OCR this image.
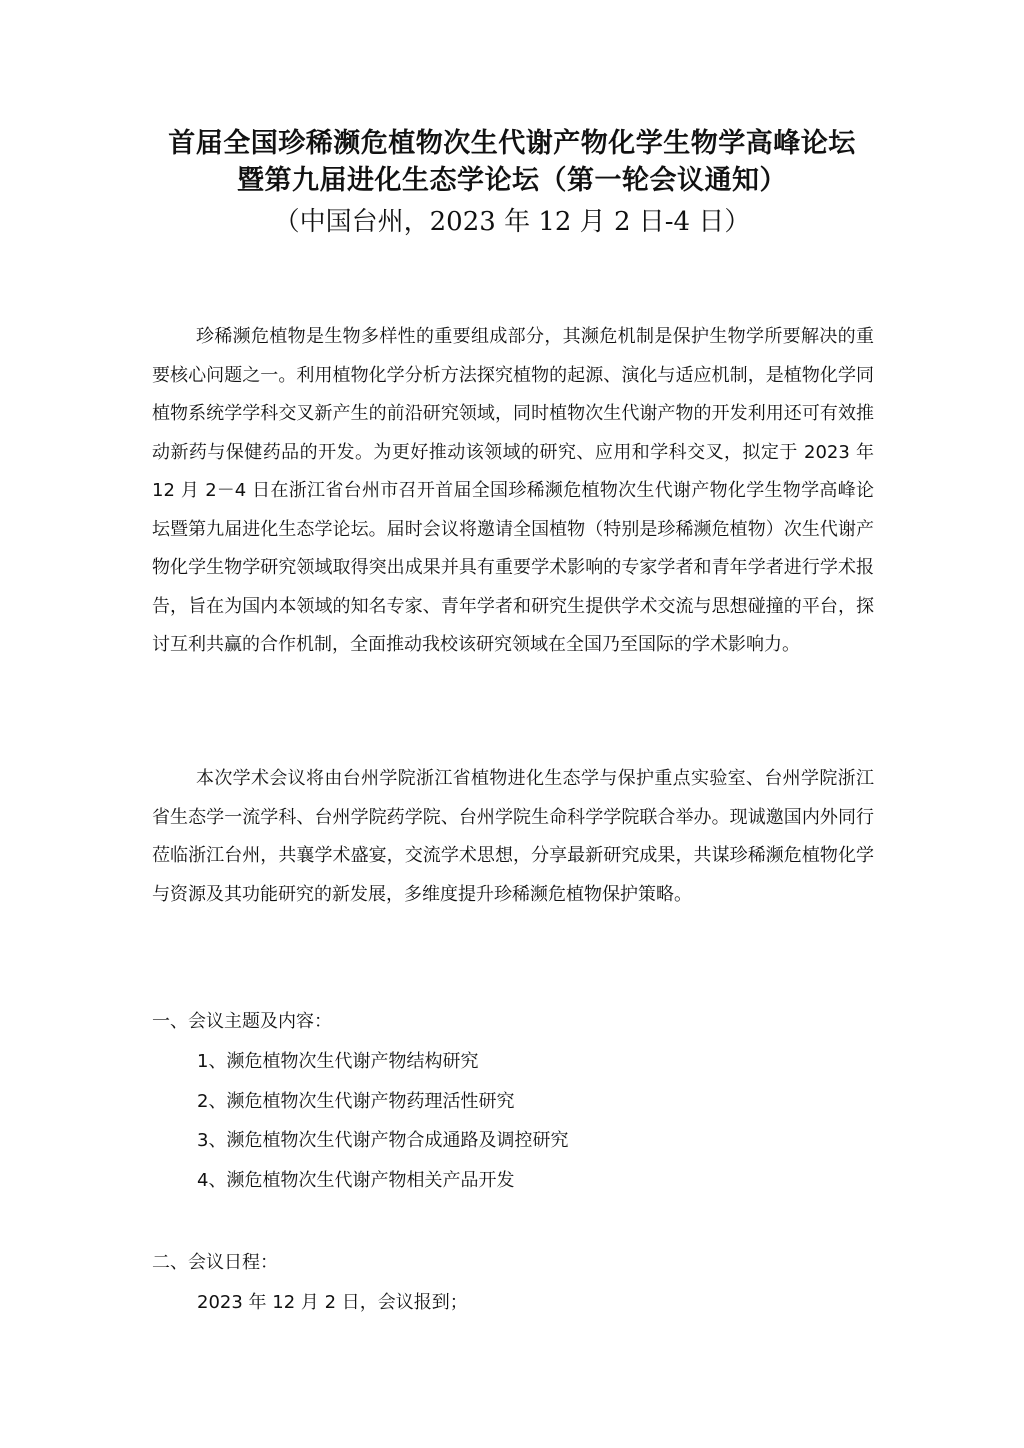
首届全国珍稀濒危植物次生代谢产物化学生物学高峰论坛
暨第九届进化生态学论坛（第一轮会议通知）
（中国台州，2023 年 12 月 2 日-4 日）

珍稀濒危植物是生物多样性的重要组成部分，其濒危机制是保护生物学所要解决的重要核心问题之一。利用植物化学分析方法探究植物的起源、演化与适应机制，是植物化学同植物系统学学科交叉新产生的前沿研究领域，同时植物次生代谢产物的开发利用还可有效推动新药与保健药品的开发。为更好推动该领域的研究、应用和学科交叉，拟定于 2023 年 12 月 2－4 日在浙江省台州市召开首届全国珍稀濒危植物次生代谢产物化学生物学高峰论坛暨第九届进化生态学论坛。届时会议将邀请全国植物（特别是珍稀濒危植物）次生代谢产物化学生物学研究领域取得突出成果并具有重要学术影响的专家学者和青年学者进行学术报告，旨在为国内本领域的知名专家、青年学者和研究生提供学术交流与思想碰撞的平台，探讨互利共赢的合作机制，全面推动我校该研究领域在全国乃至国际的学术影响力。

本次学术会议将由台州学院浙江省植物进化生态学与保护重点实验室、台州学院浙江省生态学一流学科、台州学院药学院、台州学院生命科学学院联合举办。现诚邀国内外同行莅临浙江台州，共襄学术盛宴，交流学术思想，分享最新研究成果，共谋珍稀濒危植物化学与资源及其功能研究的新发展，多维度提升珍稀濒危植物保护策略。

一、会议主题及内容：
1、濒危植物次生代谢产物结构研究
2、濒危植物次生代谢产物药理活性研究
3、濒危植物次生代谢产物合成通路及调控研究
4、濒危植物次生代谢产物相关产品开发
二、会议日程：
2023 年 12 月 2 日，会议报到；
